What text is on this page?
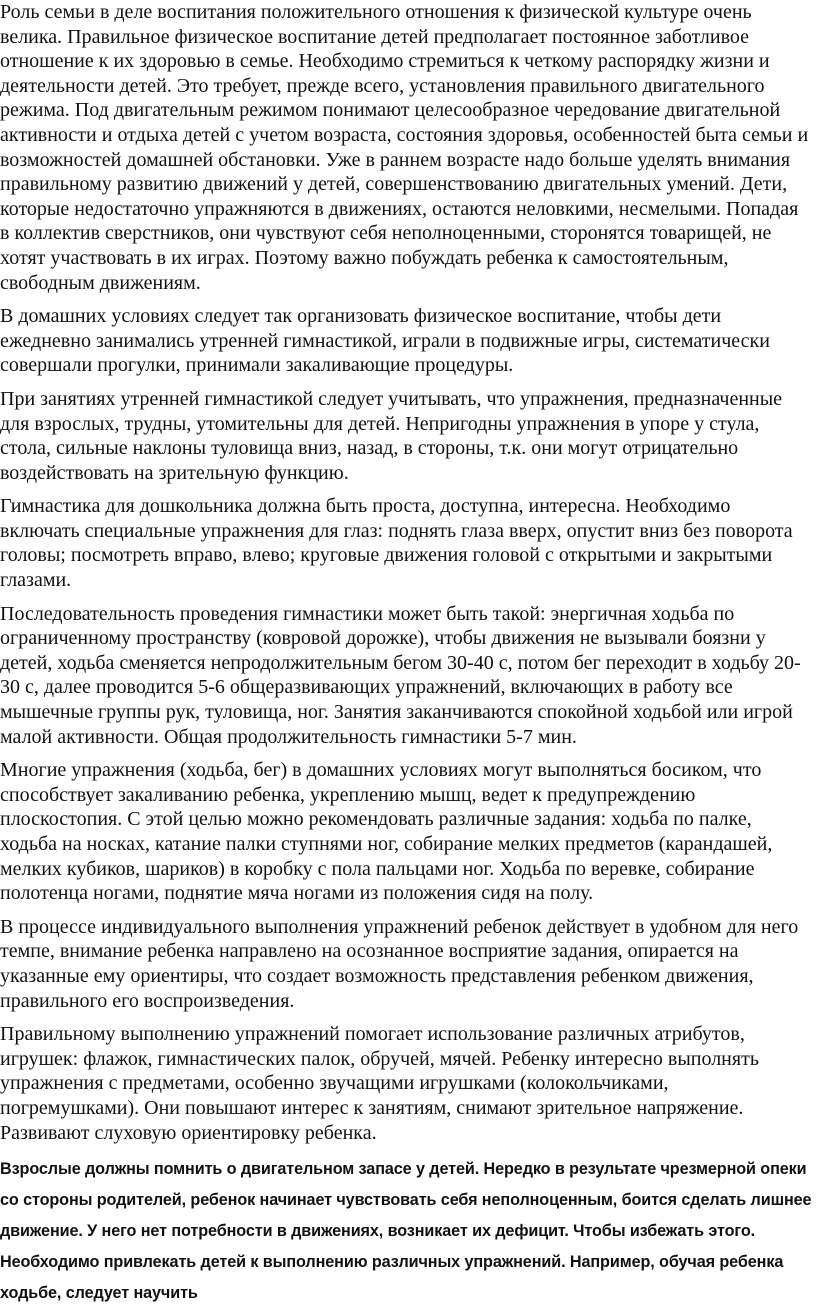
Роль семьи в деле воспитания положительного отношения к физической культуре очень велика. Правильное физическое воспитание детей предполагает постоянное заботливое отношение к их здоровью в семье. Необходимо стремиться к четкому распорядку жизни и деятельности детей. Это требует, прежде всего, установления правильного двигательного режима. Под двигательным режимом понимают целесообразное чередование двигательной активности и отдыха детей с учетом возраста, состояния здоровья, особенностей быта семьи и возможностей домашней обстановки. Уже в раннем возрасте надо больше уделять внимания правильному развитию движений у детей, совершенствованию двигательных умений. Дети, которые недостаточно упражняются в движениях, остаются неловкими, несмелыми. Попадая в коллектив сверстников, они чувствуют себя неполноценными, сторонятся товарищей, не хотят участвовать в их играх. Поэтому важно побуждать ребенка к самостоятельным, свободным движениям.

В домашних условиях следует так организовать физическое воспитание, чтобы дети ежедневно занимались утренней гимнастикой, играли в подвижные игры, систематически совершали прогулки, принимали закаливающие процедуры.

При занятиях утренней гимнастикой следует учитывать, что упражнения, предназначенные для взрослых, трудны, утомительны для детей. Непригодны упражнения в упоре у стула, стола, сильные наклоны туловища вниз, назад, в стороны, т.к. они могут отрицательно воздействовать на зрительную функцию.

Гимнастика для дошкольника должна быть проста, доступна, интересна. Необходимо включать специальные упражнения для глаз: поднять глаза вверх, опустит вниз без поворота головы; посмотреть вправо, влево; круговые движения головой с открытыми и закрытыми глазами.

Последовательность проведения гимнастики может быть такой: энергичная ходьба по ограниченному пространству (ковровой дорожке), чтобы движения не вызывали боязни у детей, ходьба сменяется непродолжительным бегом 30-40 с, потом бег переходит в ходьбу 20-30 с, далее проводится 5-6 общеразвивающих упражнений, включающих в работу все мышечные группы рук, туловища, ног. Занятия заканчиваются спокойной ходьбой или игрой малой активности. Общая продолжительность гимнастики 5-7 мин.

Многие упражнения (ходьба, бег) в домашних условиях могут выполняться босиком, что способствует закаливанию ребенка, укреплению мышц, ведет к предупреждению плоскостопия. С этой целью можно рекомендовать различные задания: ходьба по палке, ходьба на носках, катание палки ступнями ног, собирание мелких предметов (карандашей, мелких кубиков, шариков) в коробку с пола пальцами ног. Ходьба по веревке, собирание полотенца ногами, поднятие мяча ногами из положения сидя на полу.

В процессе индивидуального выполнения упражнений ребенок действует в удобном для него темпе, внимание ребенка направлено на осознанное восприятие задания, опирается на указанные ему ориентиры, что создает возможность представления ребенком движения, правильного его воспроизведения.

Правильному выполнению упражнений помогает использование различных атрибутов, игрушек: флажок, гимнастических палок, обручей, мячей. Ребенку интересно выполнять упражнения с предметами, особенно звучащими игрушками (колокольчиками, погремушками). Они повышают интерес к занятиям, снимают зрительное напряжение. Развивают слуховую ориентировку ребенка.

Взрослые должны помнить о двигательном запасе у детей. Нередко в результате чрезмерной опеки со стороны родителей, ребенок начинает чувствовать себя неполноценным, боится сделать лишнее движение. У него нет потребности в движениях, возникает их дефицит. Чтобы избежать этого. Необходимо привлекать детей к выполнению различных упражнений. Например, обучая ребенка ходьбе, следует научить
